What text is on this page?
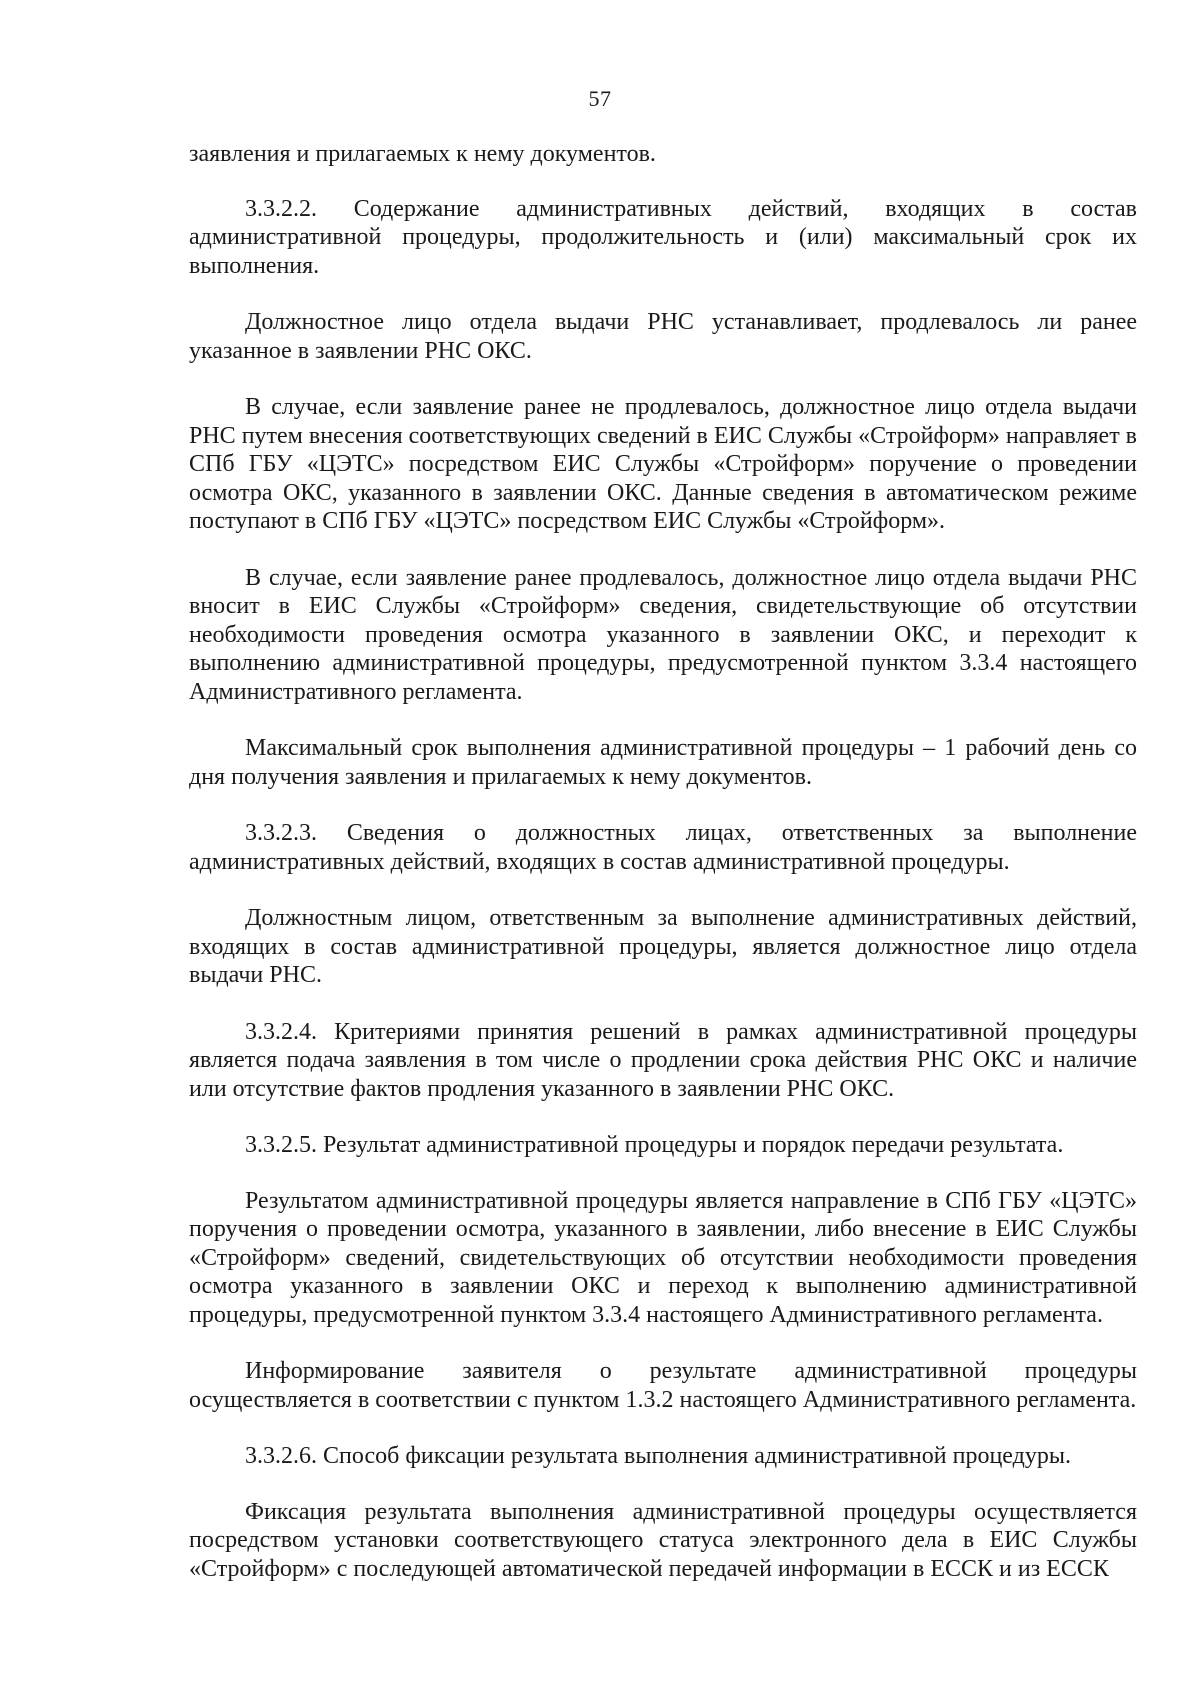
57

заявления и прилагаемых к нему документов.

3.3.2.2. Содержание административных действий, входящих в состав административной процедуры, продолжительность и (или) максимальный срок их выполнения.

Должностное лицо отдела выдачи РНС устанавливает, продлевалось ли ранее указанное в заявлении РНС ОКС.

В случае, если заявление ранее не продлевалось, должностное лицо отдела выдачи РНС путем внесения соответствующих сведений в ЕИС Службы «Стройформ» направляет в СПб ГБУ «ЦЭТС» посредством ЕИС Службы «Стройформ» поручение о проведении осмотра ОКС, указанного в заявлении ОКС. Данные сведения в автоматическом режиме поступают в СПб ГБУ «ЦЭТС» посредством ЕИС Службы «Стройформ».

В случае, если заявление ранее продлевалось, должностное лицо отдела выдачи РНС вносит в ЕИС Службы «Стройформ» сведения, свидетельствующие об отсутствии необходимости проведения осмотра указанного в заявлении ОКС, и переходит к выполнению административной процедуры, предусмотренной пунктом 3.3.4 настоящего Административного регламента.

Максимальный срок выполнения административной процедуры – 1 рабочий день со дня получения заявления и прилагаемых к нему документов.

3.3.2.3. Сведения о должностных лицах, ответственных за выполнение административных действий, входящих в состав административной процедуры.

Должностным лицом, ответственным за выполнение административных действий, входящих в состав административной процедуры, является должностное лицо отдела выдачи РНС.

3.3.2.4. Критериями принятия решений в рамках административной процедуры является подача заявления в том числе о продлении срока действия РНС ОКС и наличие или отсутствие фактов продления указанного в заявлении РНС ОКС.

3.3.2.5. Результат административной процедуры и порядок передачи результата.

Результатом административной процедуры является направление в СПб ГБУ «ЦЭТС» поручения о проведении осмотра, указанного в заявлении, либо внесение в ЕИС Службы «Стройформ» сведений, свидетельствующих об отсутствии необходимости проведения осмотра указанного в заявлении ОКС и переход к выполнению административной процедуры, предусмотренной пунктом 3.3.4 настоящего Административного регламента.

Информирование заявителя о результате административной процедуры осуществляется в соответствии с пунктом 1.3.2 настоящего Административного регламента.

3.3.2.6. Способ фиксации результата выполнения административной процедуры.

Фиксация результата выполнения административной процедуры осуществляется посредством установки соответствующего статуса электронного дела в ЕИС Службы «Стройформ» с последующей автоматической передачей информации в ЕССК и из ЕССК
